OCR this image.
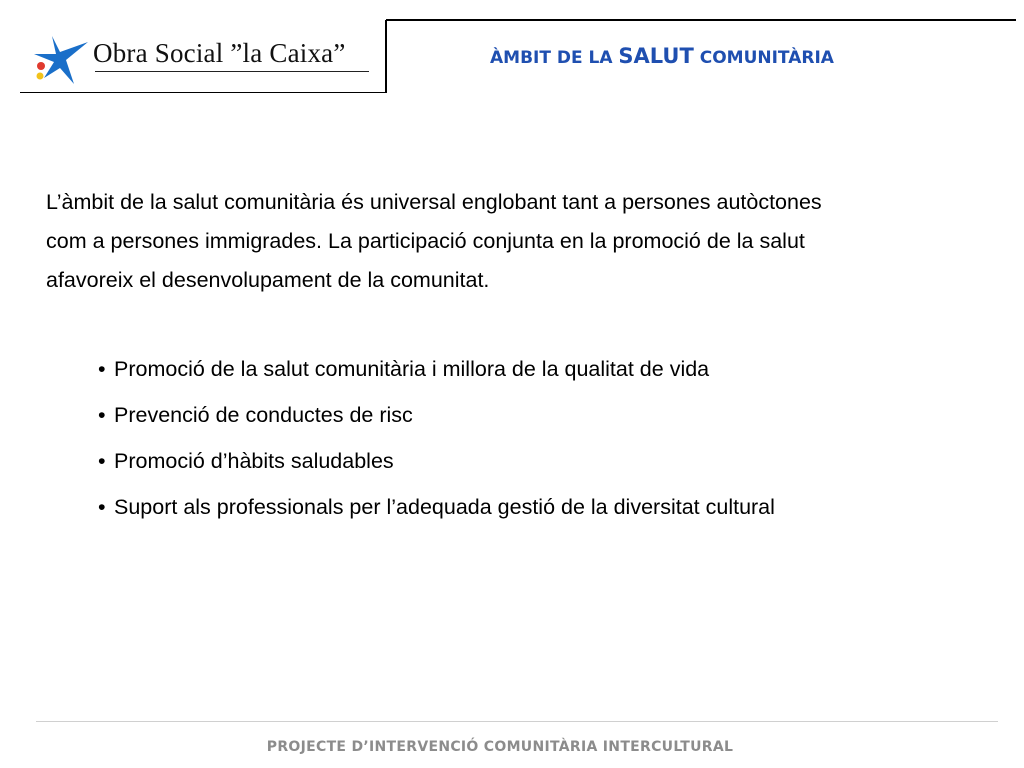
Obra Social ”la Caixa”	ÀMBIT DE LA SALUT COMUNITÀRIA

L’àmbit de la salut comunitària és universal englobant tant a persones autòctones
com a persones immigrades. La participació conjunta en la promoció de la salut
afavoreix el desenvolupament de la comunitat.

• Promoció de la salut comunitària i millora de la qualitat de vida
• Prevenció de conductes de risc
• Promoció d’hàbits saludables
• Suport als professionals per l’adequada gestió de la diversitat cultural
PROJECTE D’INTERVENCIÓ COMUNITÀRIA INTERCULTURAL
